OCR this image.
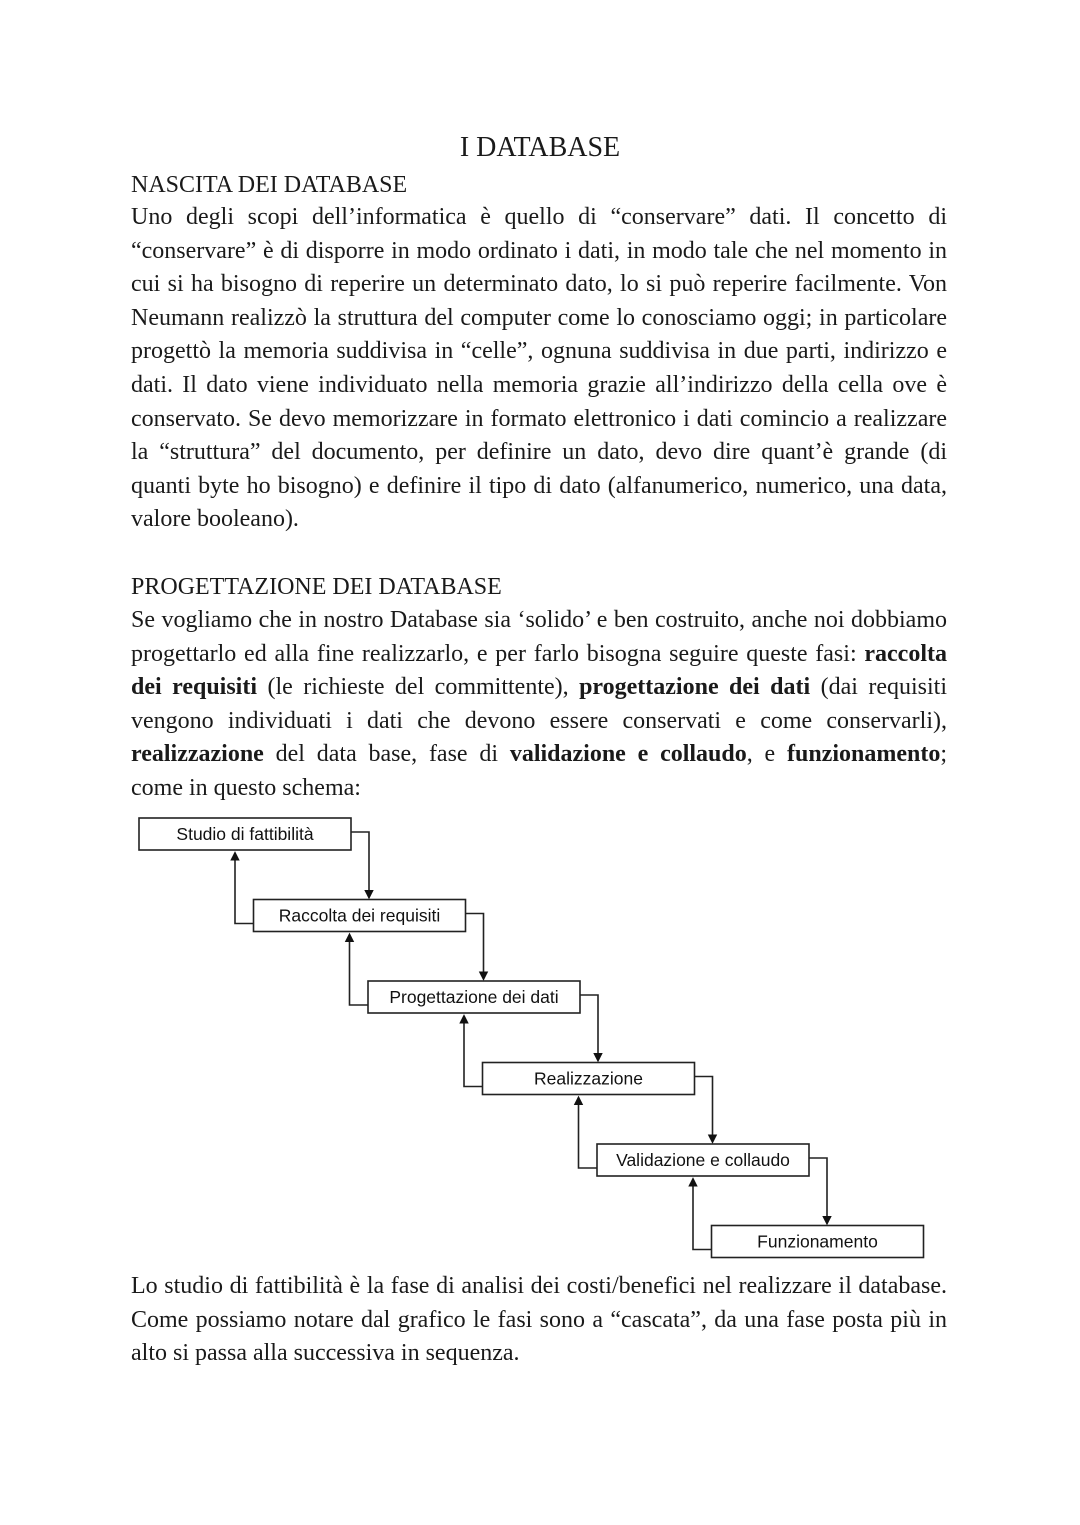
I DATABASE
NASCITA DEI DATABASE
Uno degli scopi dell’informatica è quello di “conservare” dati. Il concetto di “conservare” è di disporre in modo ordinato i dati, in modo tale che nel momento in cui si ha bisogno di reperire un determinato dato, lo si può reperire facilmente. Von Neumann realizzò la struttura del computer come lo conosciamo oggi; in particolare progettò la memoria suddivisa in “celle”, ognuna suddivisa in due parti, indirizzo e dati. Il dato viene individuato nella memoria grazie all’indirizzo della cella ove è conservato. Se devo memorizzare in formato elettronico i dati comincio a realizzare la “struttura” del documento, per definire un dato, devo dire quant’è grande (di quanti byte ho bisogno) e definire il tipo di dato (alfanumerico, numerico, una data, valore booleano).
PROGETTAZIONE DEI DATABASE
Se vogliamo che in nostro Database sia ‘solido’ e ben costruito, anche noi dobbiamo progettarlo ed alla fine realizzarlo, e per farlo bisogna seguire queste fasi: raccolta dei requisiti (le richieste del committente), progettazione dei dati (dai requisiti vengono individuati i dati che devono essere conservati e come conservarli), realizzazione del data base, fase di validazione e collaudo, e funzionamento; come in questo schema:
Studio di fattibilità
Raccolta dei requisiti
Progettazione dei dati
Realizzazione
Validazione e collaudo
Funzionamento
Lo studio di fattibilità è la fase di analisi dei costi/benefici nel realizzare il database. Come possiamo notare dal grafico le fasi sono a “cascata”, da una fase posta più in alto si passa alla successiva in sequenza.
